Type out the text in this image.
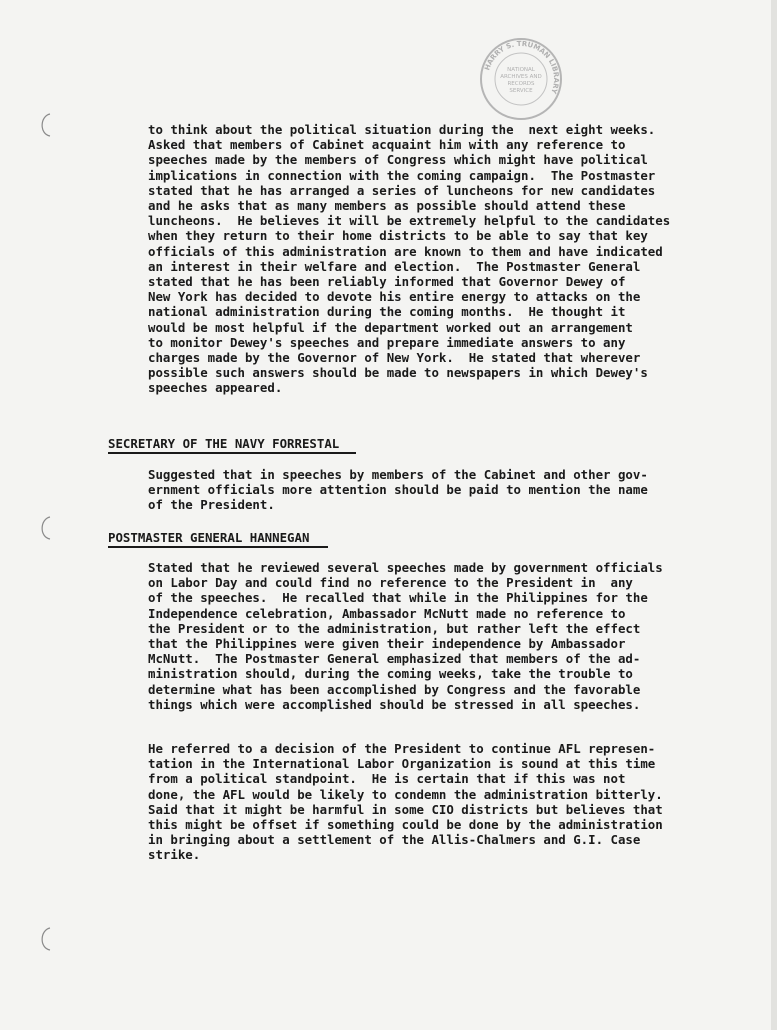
HARRY S. TRUMAN LIBRARY
NATIONAL
ARCHIVES AND
RECORDS
SERVICE
to think about the political situation during the  next eight weeks.
Asked that members of Cabinet acquaint him with any reference to
speeches made by the members of Congress which might have political
implications in connection with the coming campaign.  The Postmaster
stated that he has arranged a series of luncheons for new candidates
and he asks that as many members as possible should attend these
luncheons.  He believes it will be extremely helpful to the candidates
when they return to their home districts to be able to say that key
officials of this administration are known to them and have indicated
an interest in their welfare and election.  The Postmaster General
stated that he has been reliably informed that Governor Dewey of
New York has decided to devote his entire energy to attacks on the
national administration during the coming months.  He thought it
would be most helpful if the department worked out an arrangement
to monitor Dewey's speeches and prepare immediate answers to any
charges made by the Governor of New York.  He stated that wherever
possible such answers should be made to newspapers in which Dewey's
speeches appeared.
SECRETARY OF THE NAVY FORRESTAL
Suggested that in speeches by members of the Cabinet and other gov-
ernment officials more attention should be paid to mention the name
of the President.
POSTMASTER GENERAL HANNEGAN
Stated that he reviewed several speeches made by government officials
on Labor Day and could find no reference to the President in  any
of the speeches.  He recalled that while in the Philippines for the
Independence celebration, Ambassador McNutt made no reference to
the President or to the administration, but rather left the effect
that the Philippines were given their independence by Ambassador
McNutt.  The Postmaster General emphasized that members of the ad-
ministration should, during the coming weeks, take the trouble to
determine what has been accomplished by Congress and the favorable
things which were accomplished should be stressed in all speeches.
He referred to a decision of the President to continue AFL represen-
tation in the International Labor Organization is sound at this time
from a political standpoint.  He is certain that if this was not
done, the AFL would be likely to condemn the administration bitterly.
Said that it might be harmful in some CIO districts but believes that
this might be offset if something could be done by the administration
in bringing about a settlement of the Allis-Chalmers and G.I. Case
strike.
